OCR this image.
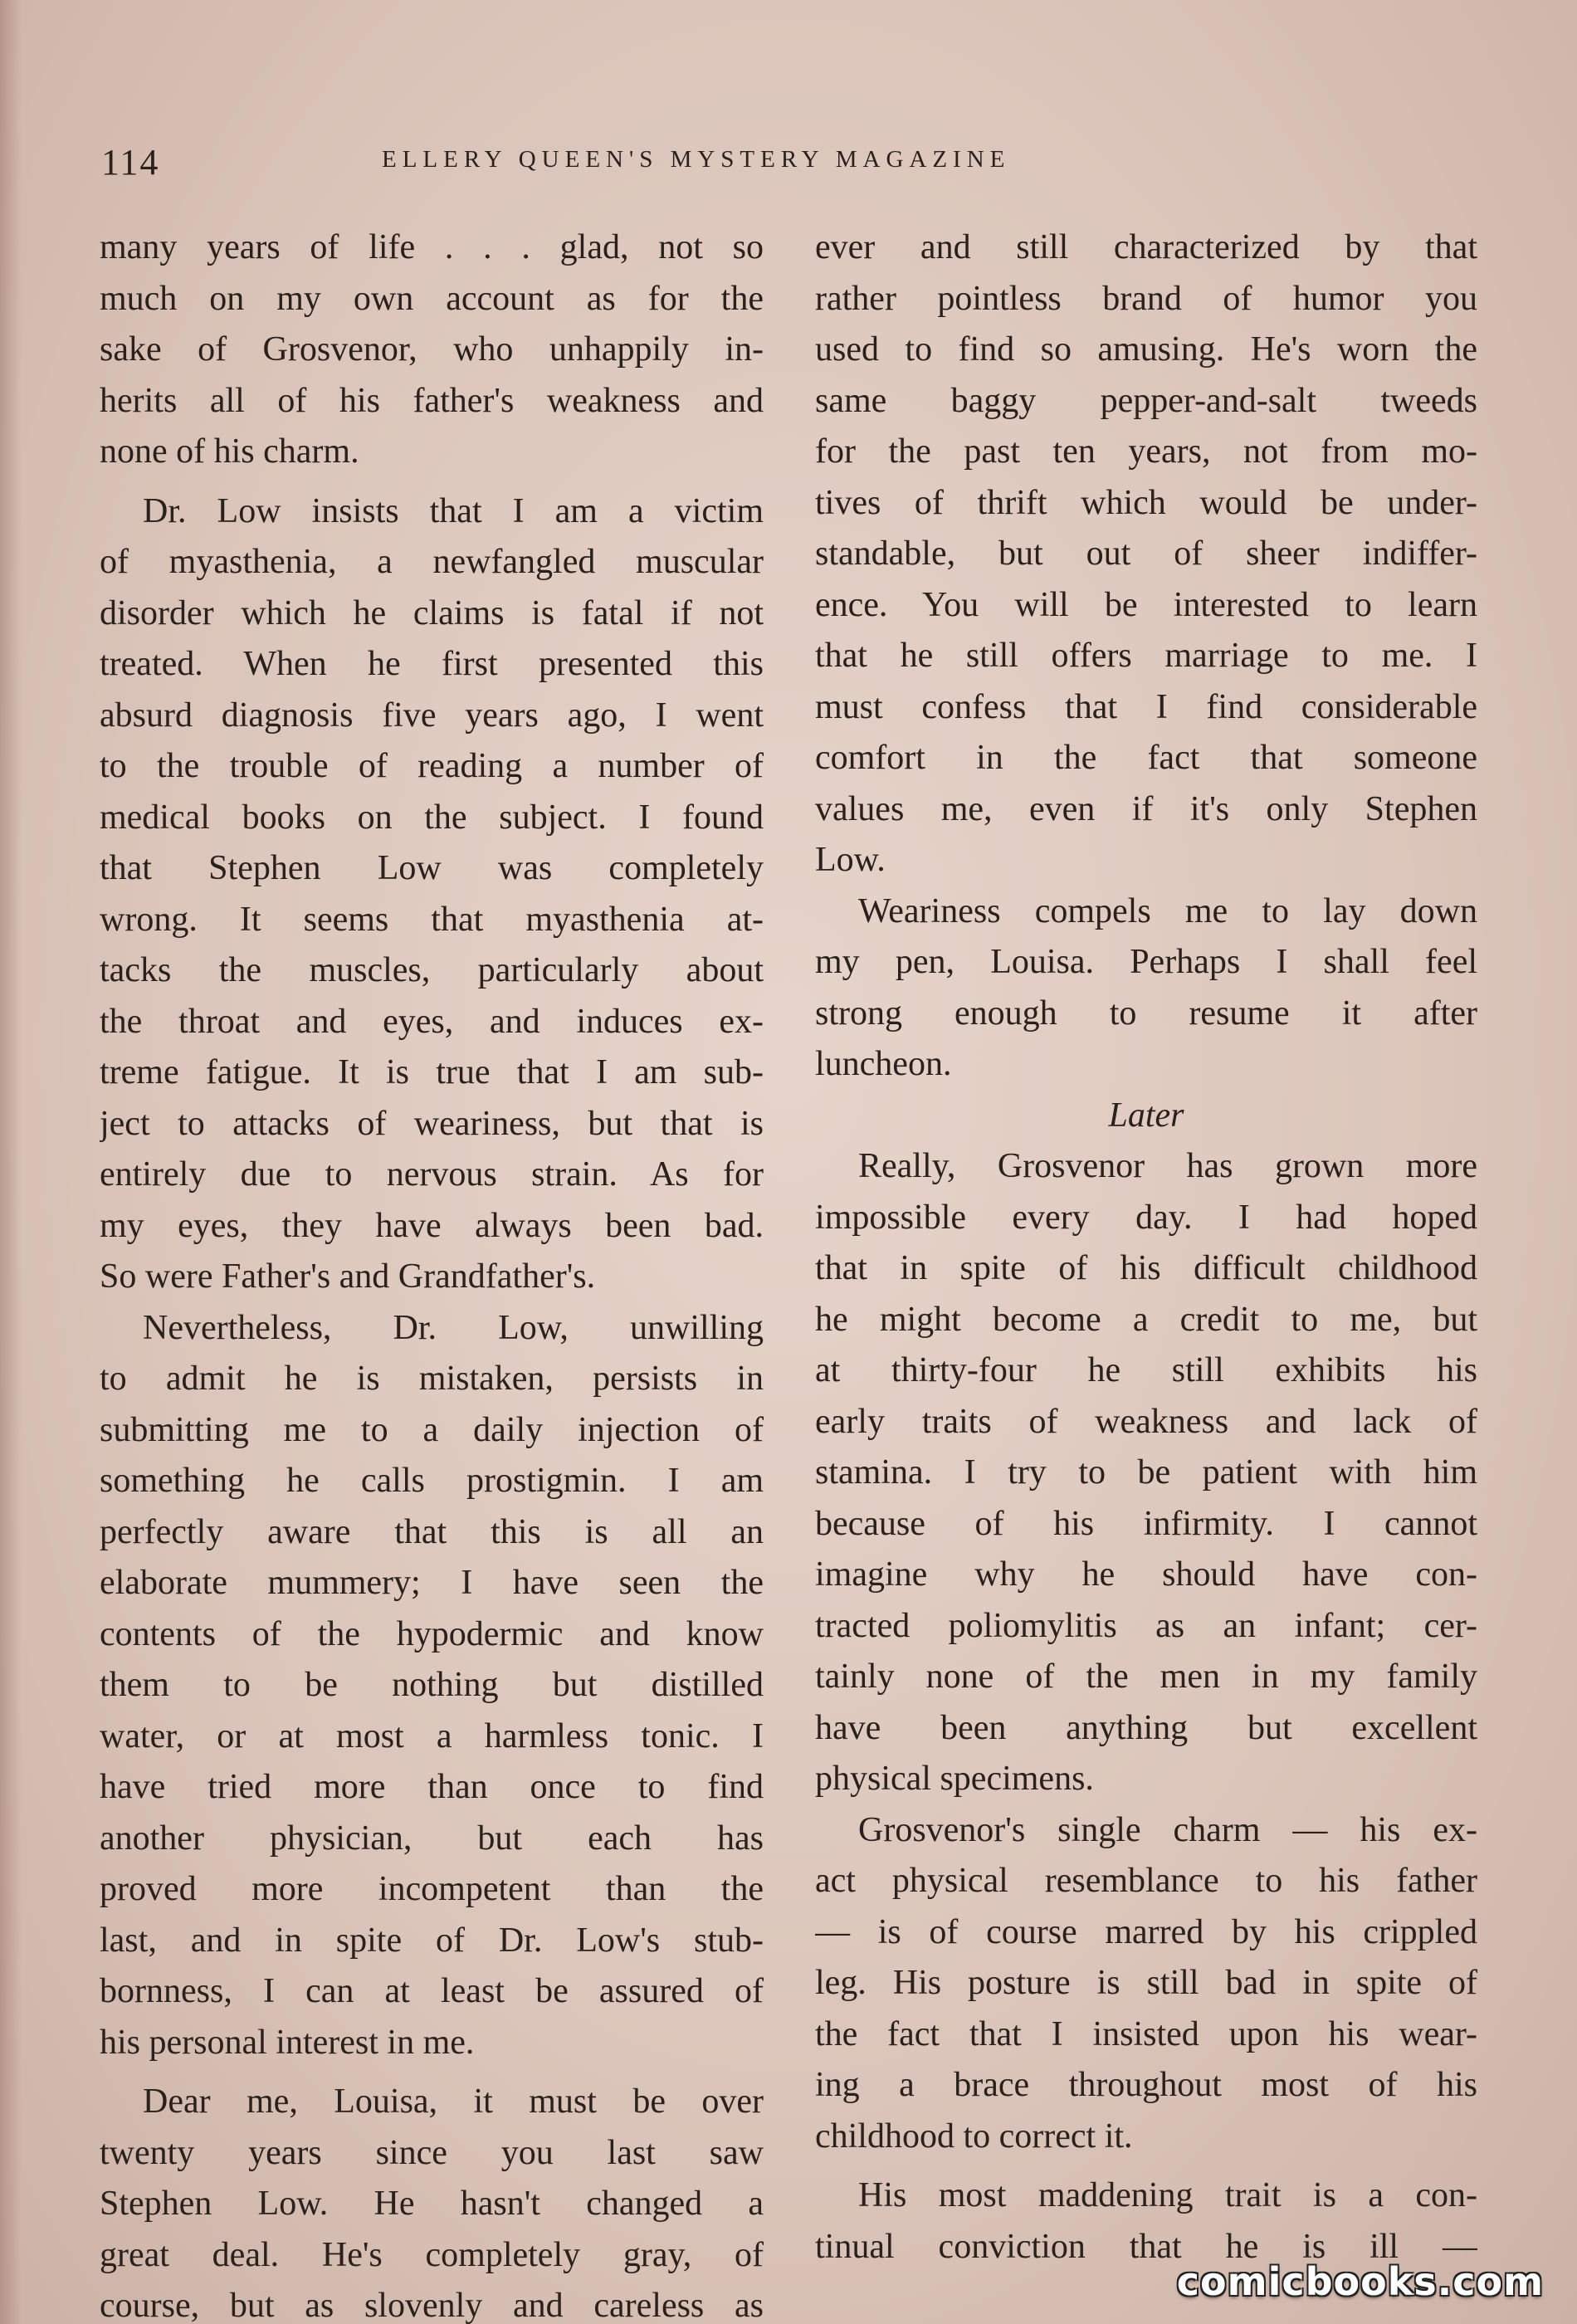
114	ELLERY QUEEN'S MYSTERY MAGAZINE
many years of life . . . glad, not so
much on my own account as for the
sake of Grosvenor, who unhappily in-
herits all of his father's weakness and
none of his charm.
Dr. Low insists that I am a victim
of myasthenia, a newfangled muscular
disorder which he claims is fatal if not
treated. When he first presented this
absurd diagnosis five years ago, I went
to the trouble of reading a number of
medical books on the subject. I found
that Stephen Low was completely
wrong. It seems that myasthenia at-
tacks the muscles, particularly about
the throat and eyes, and induces ex-
treme fatigue. It is true that I am sub-
ject to attacks of weariness, but that is
entirely due to nervous strain. As for
my eyes, they have always been bad.
So were Father's and Grandfather's.
Nevertheless, Dr. Low, unwilling
to admit he is mistaken, persists in
submitting me to a daily injection of
something he calls prostigmin. I am
perfectly aware that this is all an
elaborate mummery; I have seen the
contents of the hypodermic and know
them to be nothing but distilled
water, or at most a harmless tonic. I
have tried more than once to find
another physician, but each has
proved more incompetent than the
last, and in spite of Dr. Low's stub-
bornness, I can at least be assured of
his personal interest in me.
Dear me, Louisa, it must be over
twenty years since you last saw
Stephen Low. He hasn't changed a
great deal. He's completely gray, of
course, but as slovenly and careless as
ever and still characterized by that
rather pointless brand of humor you
used to find so amusing. He's worn the
same baggy pepper-and-salt tweeds
for the past ten years, not from mo-
tives of thrift which would be under-
standable, but out of sheer indiffer-
ence. You will be interested to learn
that he still offers marriage to me. I
must confess that I find considerable
comfort in the fact that someone
values me, even if it's only Stephen
Low.
Weariness compels me to lay down
my pen, Louisa. Perhaps I shall feel
strong enough to resume it after
luncheon.
Later
Really, Grosvenor has grown more
impossible every day. I had hoped
that in spite of his difficult childhood
he might become a credit to me, but
at thirty-four he still exhibits his
early traits of weakness and lack of
stamina. I try to be patient with him
because of his infirmity. I cannot
imagine why he should have con-
tracted poliomylitis as an infant; cer-
tainly none of the men in my family
have been anything but excellent
physical specimens.
Grosvenor's single charm — his ex-
act physical resemblance to his father
— is of course marred by his crippled
leg. His posture is still bad in spite of
the fact that I insisted upon his wear-
ing a brace throughout most of his
childhood to correct it.
His most maddening trait is a con-
tinual conviction that he is ill —
comicbooks.com
